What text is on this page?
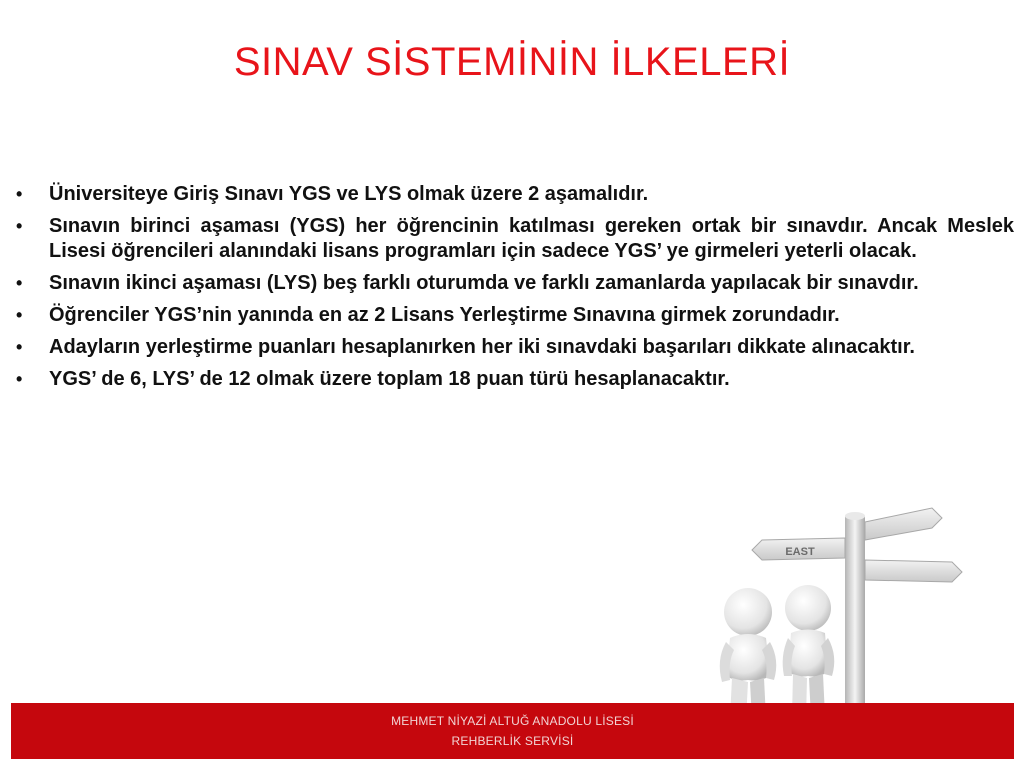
SINAV SİSTEMİNİN İLKELERİ
•	Üniversiteye Giriş Sınavı YGS ve LYS olmak üzere 2 aşamalıdır.
•	Sınavın birinci aşaması (YGS) her öğrencinin katılması gereken ortak bir sınavdır. Ancak Meslek Lisesi öğrencileri alanındaki lisans programları için sadece YGS’ ye girmeleri yeterli olacak.
•	Sınavın ikinci aşaması (LYS) beş farklı oturumda ve farklı zamanlarda yapılacak bir sınavdır.
•	Öğrenciler YGS’nin yanında en az 2 Lisans Yerleştirme Sınavına girmek zorundadır.
•	Adayların yerleştirme puanları hesaplanırken her iki sınavdaki başarıları dikkate alınacaktır.
•	YGS’ de 6, LYS’ de 12 olmak üzere toplam 18 puan türü hesaplanacaktır.
EAST
MEHMET NİYAZİ ALTUĞ ANADOLU LİSESİ
REHBERLİK SERVİSİ
